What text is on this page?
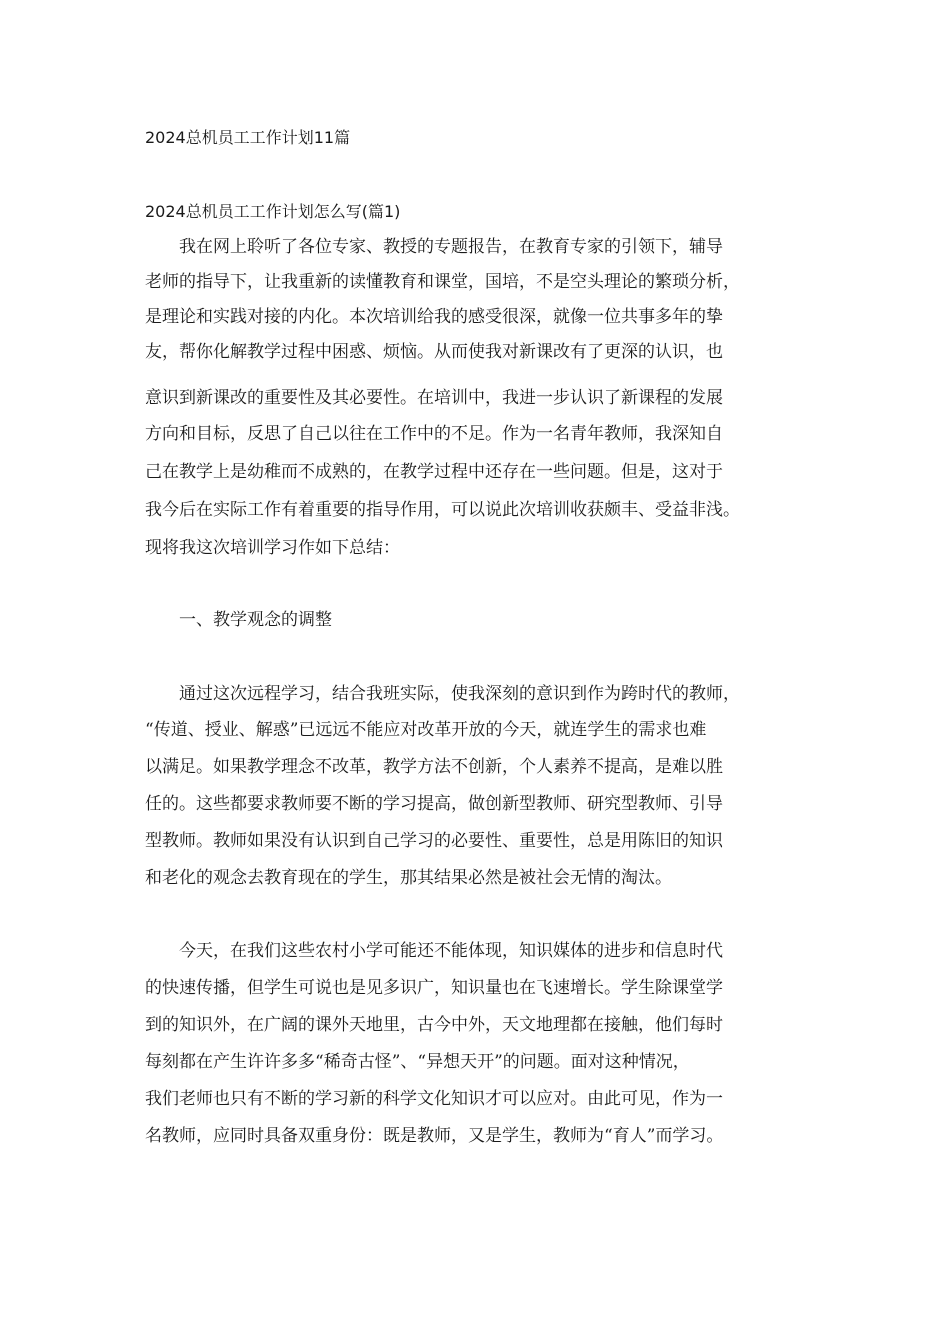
2024总机员工工作计划11篇
2024总机员工工作计划怎么写(篇1)
　　我在网上聆听了各位专家、教授的专题报告，在教育专家的引领下，辅导
老师的指导下，让我重新的读懂教育和课堂，国培，不是空头理论的繁琐分析，
是理论和实践对接的内化。本次培训给我的感受很深，就像一位共事多年的挚
友，帮你化解教学过程中困惑、烦恼。从而使我对新课改有了更深的认识，也
意识到新课改的重要性及其必要性。在培训中，我进一步认识了新课程的发展
方向和目标，反思了自己以往在工作中的不足。作为一名青年教师，我深知自
己在教学上是幼稚而不成熟的，在教学过程中还存在一些问题。但是，这对于
我今后在实际工作有着重要的指导作用，可以说此次培训收获颇丰、受益非浅。
现将我这次培训学习作如下总结：
　　一、教学观念的调整
　　通过这次远程学习，结合我班实际，使我深刻的意识到作为跨时代的教师，
“传道、授业、解惑”已远远不能应对改革开放的今天，就连学生的需求也难
以满足。如果教学理念不改革，教学方法不创新，个人素养不提高，是难以胜
任的。这些都要求教师要不断的学习提高，做创新型教师、研究型教师、引导
型教师。教师如果没有认识到自己学习的必要性、重要性，总是用陈旧的知识
和老化的观念去教育现在的学生，那其结果必然是被社会无情的淘汰。
　　今天，在我们这些农村小学可能还不能体现，知识媒体的进步和信息时代
的快速传播，但学生可说也是见多识广，知识量也在飞速增长。学生除课堂学
到的知识外，在广阔的课外天地里，古今中外，天文地理都在接触，他们每时
每刻都在产生许许多多“稀奇古怪”、“异想天开”的问题。面对这种情况，
我们老师也只有不断的学习新的科学文化知识才可以应对。由此可见，作为一
名教师，应同时具备双重身份：既是教师，又是学生，教师为“育人”而学习。
